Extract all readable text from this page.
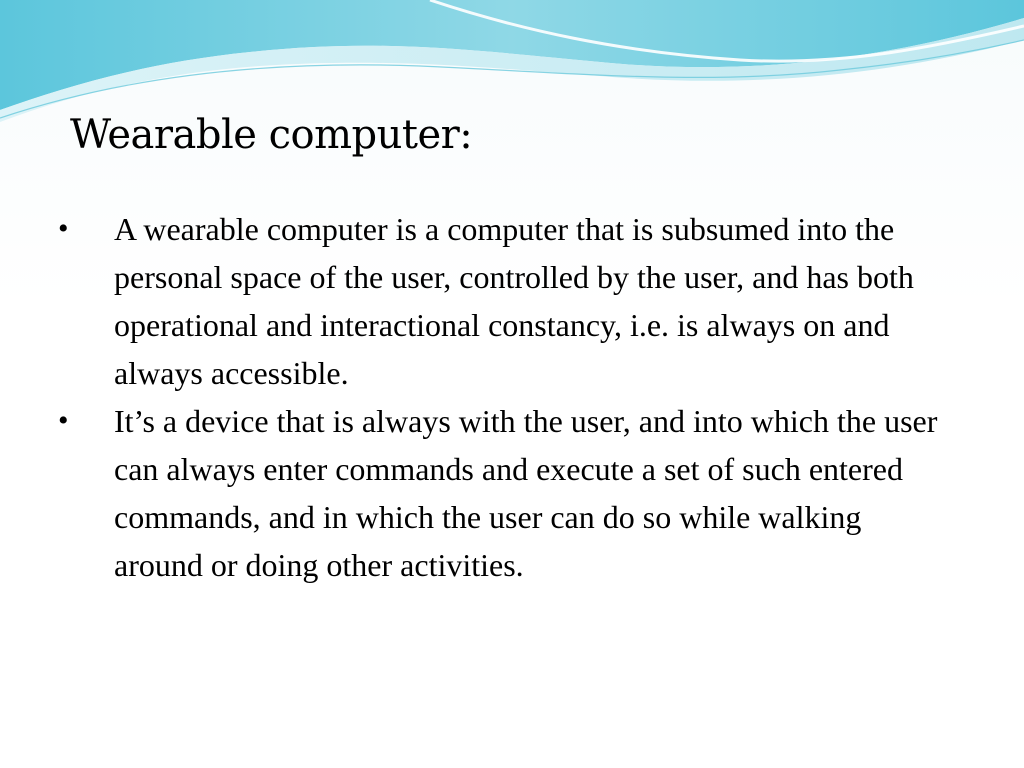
Wearable computer:
•	A wearable computer is a computer that is subsumed into the personal space of the user, controlled by the user, and has both operational and interactional constancy, i.e. is always on and always accessible.
•	It’s a device that is always with the user, and into which the user can always enter commands and execute a set of such entered commands, and in which the user can do so while walking around or doing other activities.
